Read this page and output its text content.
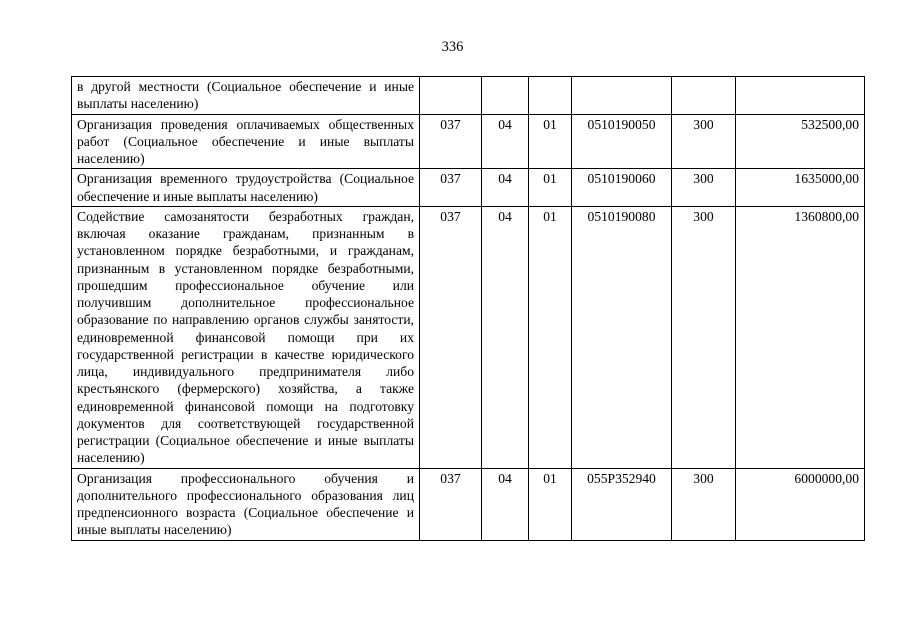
336
в другой местности (Социальное обеспечение и иные выплаты населению)						
Организация проведения оплачиваемых общественных работ (Социальное обеспечение и иные выплаты населению)	037	04	01	0510190050	300	532500,00
Организация временного трудоустройства (Социальное обеспечение и иные выплаты населению)	037	04	01	0510190060	300	1635000,00
Содействие самозанятости безработных граждан, включая оказание гражданам, признанным в установленном порядке безработными, и гражданам, признанным в установленном порядке безработными, прошедшим профессиональное обучение или получившим дополнительное профессиональное образование по направлению органов службы занятости, единовременной финансовой помощи при их государственной регистрации в качестве юридического лица, индивидуального предпринимателя либо крестьянского (фермерского) хозяйства, а также единовременной финансовой помощи на подготовку документов для соответствующей государственной регистрации (Социальное обеспечение и иные выплаты населению)	037	04	01	0510190080	300	1360800,00
Организация профессионального обучения и дополнительного профессионального образования лиц предпенсионного возраста (Социальное обеспечение и иные выплаты населению)	037	04	01	055P352940	300	6000000,00
